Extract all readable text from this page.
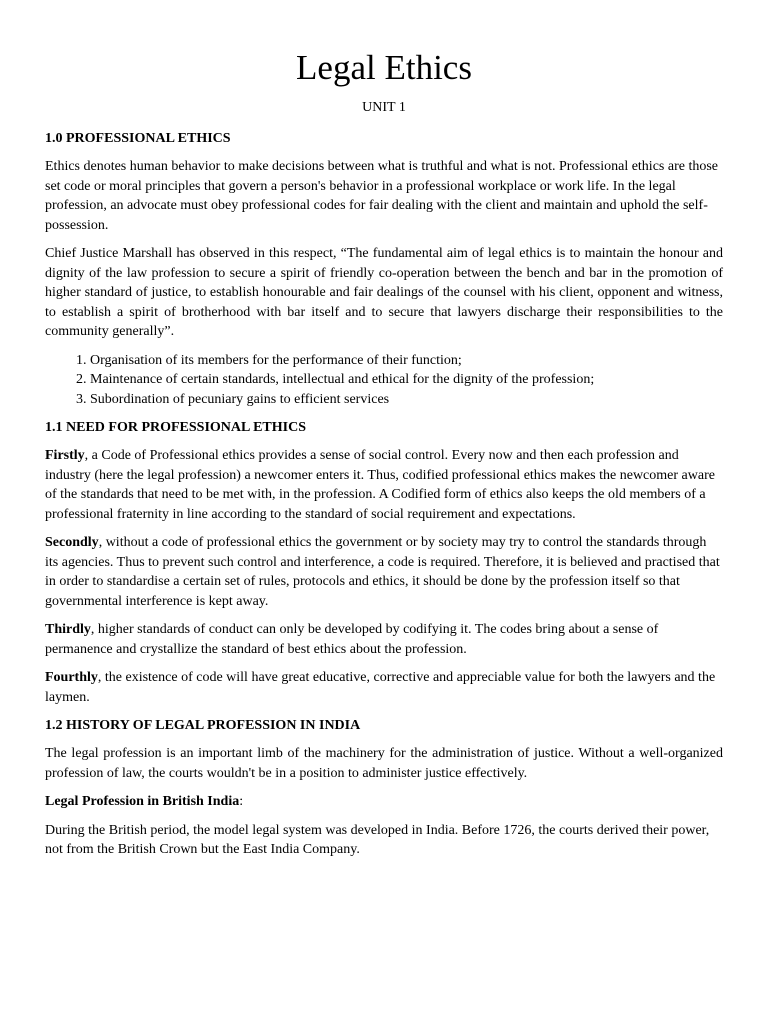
Legal Ethics
UNIT 1
1.0 PROFESSIONAL ETHICS

Ethics denotes human behavior to make decisions between what is truthful and what is not. Professional ethics are those set code or moral principles that govern a person's behavior in a professional workplace or work life. In the legal profession, an advocate must obey professional codes for fair dealing with the client and maintain and uphold the self-possession.

Chief Justice Marshall has observed in this respect, “The fundamental aim of legal ethics is to maintain the honour and dignity of the law profession to secure a spirit of friendly co-operation between the bench and bar in the promotion of higher standard of justice, to establish honourable and fair dealings of the counsel with his client, opponent and witness, to establish a spirit of brotherhood with bar itself and to secure that lawyers discharge their responsibilities to the community generally”.

1. Organisation of its members for the performance of their function;
2. Maintenance of certain standards, intellectual and ethical for the dignity of the profession;
3. Subordination of pecuniary gains to efficient services
1.1 NEED FOR PROFESSIONAL ETHICS

Firstly, a Code of Professional ethics provides a sense of social control. Every now and then each profession and industry (here the legal profession) a newcomer enters it. Thus, codified professional ethics makes the newcomer aware of the standards that need to be met with, in the profession. A Codified form of ethics also keeps the old members of a professional fraternity in line according to the standard of social requirement and expectations.

Secondly, without a code of professional ethics the government or by society may try to control the standards through its agencies. Thus to prevent such control and interference, a code is required. Therefore, it is believed and practised that in order to standardise a certain set of rules, protocols and ethics, it should be done by the profession itself so that governmental interference is kept away.

Thirdly, higher standards of conduct can only be developed by codifying it. The codes bring about a sense of permanence and crystallize the standard of best ethics about the profession.

Fourthly, the existence of code will have great educative, corrective and appreciable value for both the lawyers and the laymen.

1.2 HISTORY OF LEGAL PROFESSION IN INDIA

The legal profession is an important limb of the machinery for the administration of justice. Without a well-organized profession of law, the courts wouldn't be in a position to administer justice effectively.

Legal Profession in British India:

During the British period, the model legal system was developed in India. Before 1726, the courts derived their power, not from the British Crown but the East India Company.
